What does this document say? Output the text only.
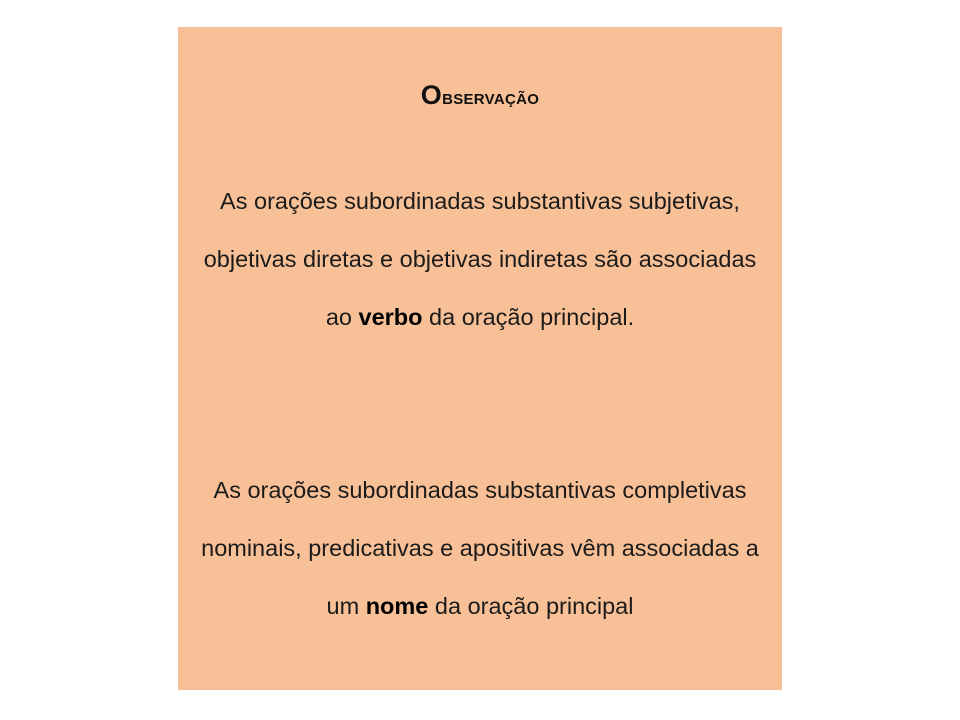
Observação
As orações subordinadas substantivas subjetivas, objetivas diretas e objetivas indiretas são associadas ao verbo da oração principal.
As orações subordinadas substantivas completivas nominais, predicativas e apositivas vêm associadas a um nome da oração principal
